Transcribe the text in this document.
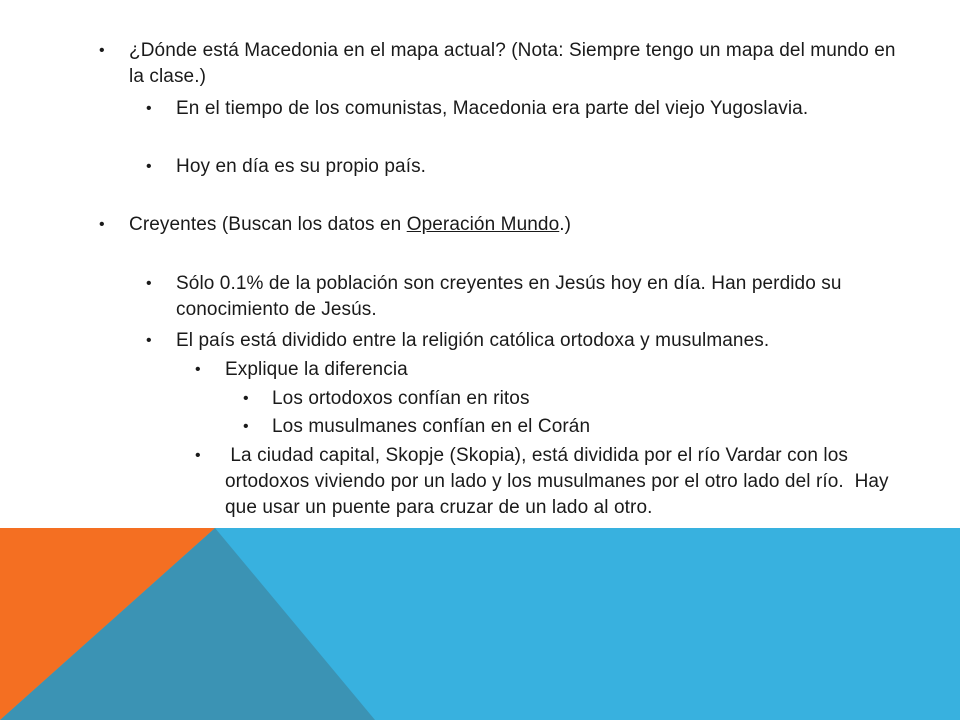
• ¿Dónde está Macedonia en el mapa actual? (Nota: Siempre tengo un mapa del mundo en la clase.)
• En el tiempo de los comunistas, Macedonia era parte del viejo Yugoslavia.
• Hoy en día es su propio país.
• Creyentes (Buscan los datos en Operación Mundo.)
• Sólo 0.1% de la población son creyentes en Jesús hoy en día. Han perdido su conocimiento de Jesús.
• El país está dividido entre la religión católica ortodoxa y musulmanes.
• Explique la diferencia
• Los ortodoxos confían en ritos
• Los musulmanes confían en el Corán
• La ciudad capital, Skopje (Skopia), está dividida por el río Vardar con los ortodoxos viviendo por un lado y los musulmanes por el otro lado del río.  Hay que usar un puente para cruzar de un lado al otro.
